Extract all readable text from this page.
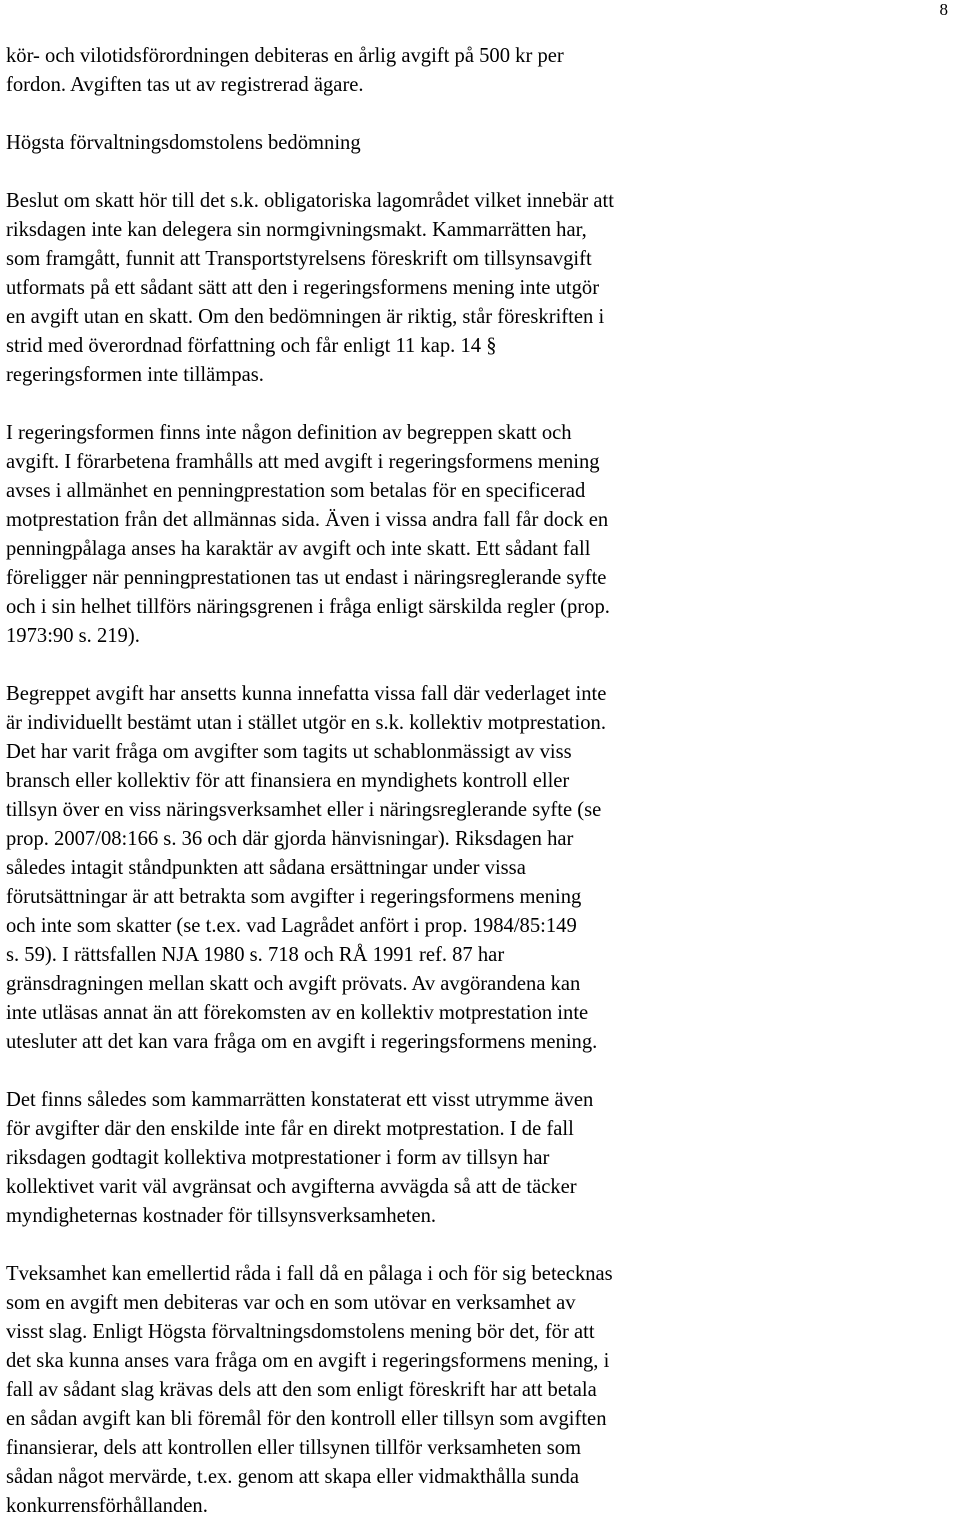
8

kör- och vilotidsförordningen debiteras en årlig avgift på 500 kr per
fordon. Avgiften tas ut av registrerad ägare.

Högsta förvaltningsdomstolens bedömning

Beslut om skatt hör till det s.k. obligatoriska lagområdet vilket innebär att
riksdagen inte kan delegera sin normgivningsmakt. Kammarrätten har,
som framgått, funnit att Transportstyrelsens föreskrift om tillsynsavgift
utformats på ett sådant sätt att den i regeringsformens mening inte utgör
en avgift utan en skatt. Om den bedömningen är riktig, står föreskriften i
strid med överordnad författning och får enligt 11 kap. 14 §
regeringsformen inte tillämpas.

I regeringsformen finns inte någon definition av begreppen skatt och
avgift. I förarbetena framhålls att med avgift i regeringsformens mening
avses i allmänhet en penningprestation som betalas för en specificerad
motprestation från det allmännas sida. Även i vissa andra fall får dock en
penningpålaga anses ha karaktär av avgift och inte skatt. Ett sådant fall
föreligger när penningprestationen tas ut endast i näringsreglerande syfte
och i sin helhet tillförs näringsgrenen i fråga enligt särskilda regler (prop.
1973:90 s. 219).

Begreppet avgift har ansetts kunna innefatta vissa fall där vederlaget inte
är individuellt bestämt utan i stället utgör en s.k. kollektiv motprestation.
Det har varit fråga om avgifter som tagits ut schablonmässigt av viss
bransch eller kollektiv för att finansiera en myndighets kontroll eller
tillsyn över en viss näringsverksamhet eller i näringsreglerande syfte (se
prop. 2007/08:166 s. 36 och där gjorda hänvisningar). Riksdagen har
således intagit ståndpunkten att sådana ersättningar under vissa
förutsättningar är att betrakta som avgifter i regeringsformens mening
och inte som skatter (se t.ex. vad Lagrådet anfört i prop. 1984/85:149
s. 59). I rättsfallen NJA 1980 s. 718 och RÅ 1991 ref. 87 har
gränsdragningen mellan skatt och avgift prövats. Av avgörandena kan
inte utläsas annat än att förekomsten av en kollektiv motprestation inte
utesluter att det kan vara fråga om en avgift i regeringsformens mening.

Det finns således som kammarrätten konstaterat ett visst utrymme även
för avgifter där den enskilde inte får en direkt motprestation. I de fall
riksdagen godtagit kollektiva motprestationer i form av tillsyn har
kollektivet varit väl avgränsat och avgifterna avvägda så att de täcker
myndigheternas kostnader för tillsynsverksamheten.

Tveksamhet kan emellertid råda i fall då en pålaga i och för sig betecknas
som en avgift men debiteras var och en som utövar en verksamhet av
visst slag. Enligt Högsta förvaltningsdomstolens mening bör det, för att
det ska kunna anses vara fråga om en avgift i regeringsformens mening, i
fall av sådant slag krävas dels att den som enligt föreskrift har att betala
en sådan avgift kan bli föremål för den kontroll eller tillsyn som avgiften
finansierar, dels att kontrollen eller tillsynen tillför verksamheten som
sådan något mervärde, t.ex. genom att skapa eller vidmakthålla sunda
konkurrensförhållanden.
